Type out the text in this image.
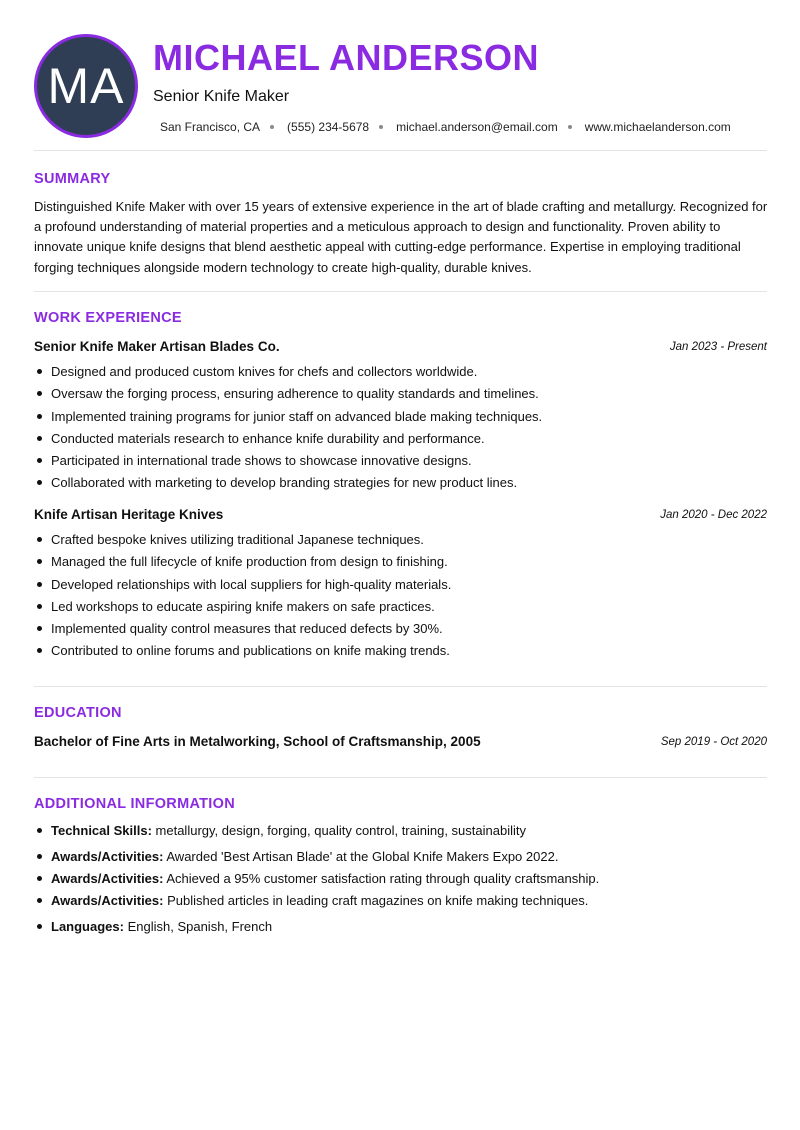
MA
MICHAEL ANDERSON
Senior Knife Maker
San Francisco, CA (555) 234-5678 michael.anderson@email.com www.michaelanderson.com
SUMMARY
Distinguished Knife Maker with over 15 years of extensive experience in the art of blade crafting and metallurgy. Recognized for a profound understanding of material properties and a meticulous approach to design and functionality. Proven ability to innovate unique knife designs that blend aesthetic appeal with cutting-edge performance. Expertise in employing traditional forging techniques alongside modern technology to create high-quality, durable knives.
WORK EXPERIENCE
Senior Knife Maker Artisan Blades Co.	Jan 2023 - Present
Designed and produced custom knives for chefs and collectors worldwide.
Oversaw the forging process, ensuring adherence to quality standards and timelines.
Implemented training programs for junior staff on advanced blade making techniques.
Conducted materials research to enhance knife durability and performance.
Participated in international trade shows to showcase innovative designs.
Collaborated with marketing to develop branding strategies for new product lines.
Knife Artisan Heritage Knives	Jan 2020 - Dec 2022
Crafted bespoke knives utilizing traditional Japanese techniques.
Managed the full lifecycle of knife production from design to finishing.
Developed relationships with local suppliers for high-quality materials.
Led workshops to educate aspiring knife makers on safe practices.
Implemented quality control measures that reduced defects by 30%.
Contributed to online forums and publications on knife making trends.
EDUCATION
Bachelor of Fine Arts in Metalworking, School of Craftsmanship, 2005	Sep 2019 - Oct 2020
ADDITIONAL INFORMATION
Technical Skills: metallurgy, design, forging, quality control, training, sustainability
Awards/Activities: Awarded 'Best Artisan Blade' at the Global Knife Makers Expo 2022.
Awards/Activities: Achieved a 95% customer satisfaction rating through quality craftsmanship.
Awards/Activities: Published articles in leading craft magazines on knife making techniques.
Languages: English, Spanish, French
